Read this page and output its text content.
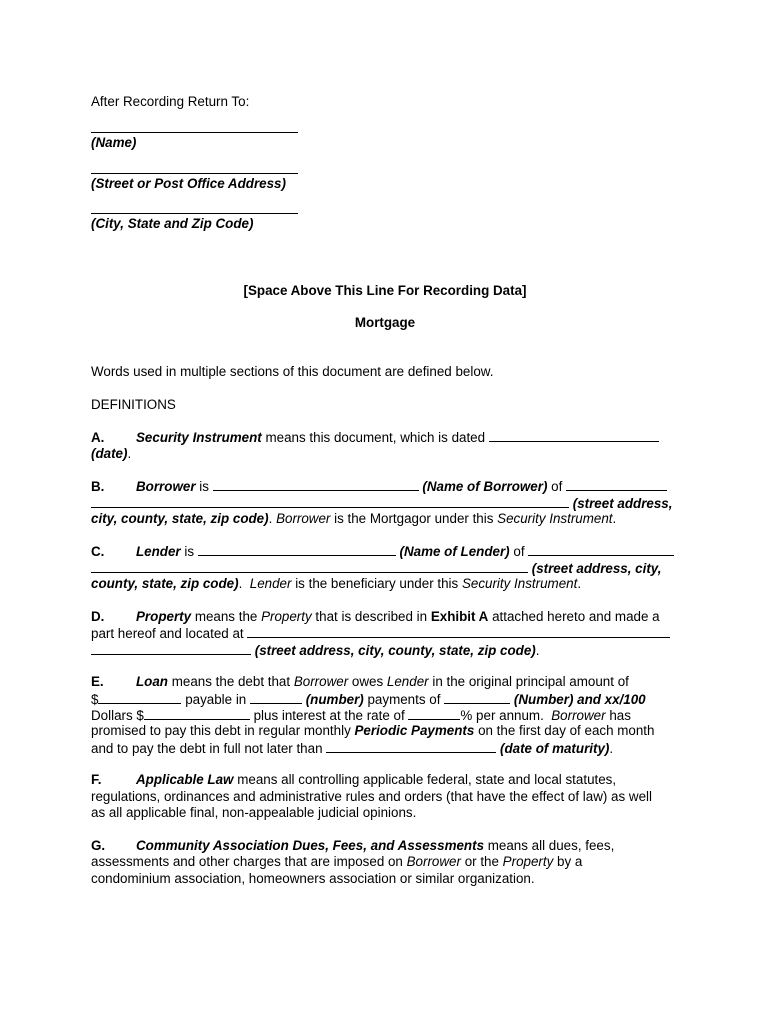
After Recording Return To:
(Name)
(Street or Post Office Address)
(City, State and Zip Code)
[Space Above This Line For Recording Data]
Mortgage
Words used in multiple sections of this document are defined below.
DEFINITIONS
A. Security Instrument means this document, which is dated
(date).
B. Borrower is	(Name of Borrower) of
(street address,
city, county, state, zip code). Borrower is the Mortgagor under this Security Instrument.
C. Lender is	(Name of Lender) of
(street address, city,
county, state, zip code). Lender is the beneficiary under this Security Instrument.
D. Property means the Property that is described in Exhibit A attached hereto and made a
part hereof and located at
(street address, city, county, state, zip code).
E. Loan means the debt that Borrower owes Lender in the original principal amount of
$	payable in	(number) payments of	(Number) and xx/100
Dollars $	plus interest at the rate of	% per annum. Borrower has
promised to pay this debt in regular monthly Periodic Payments on the first day of each month
and to pay the debt in full not later than	(date of maturity).
F.	Applicable Law means all controlling applicable federal, state and local statutes,
regulations, ordinances and administrative rules and orders (that have the effect of law) as well
as all applicable final, non-appealable judicial opinions.
G. Community Association Dues, Fees, and Assessments means all dues, fees,
assessments and other charges that are imposed on Borrower or the Property by a
condominium association, homeowners association or similar organization.
